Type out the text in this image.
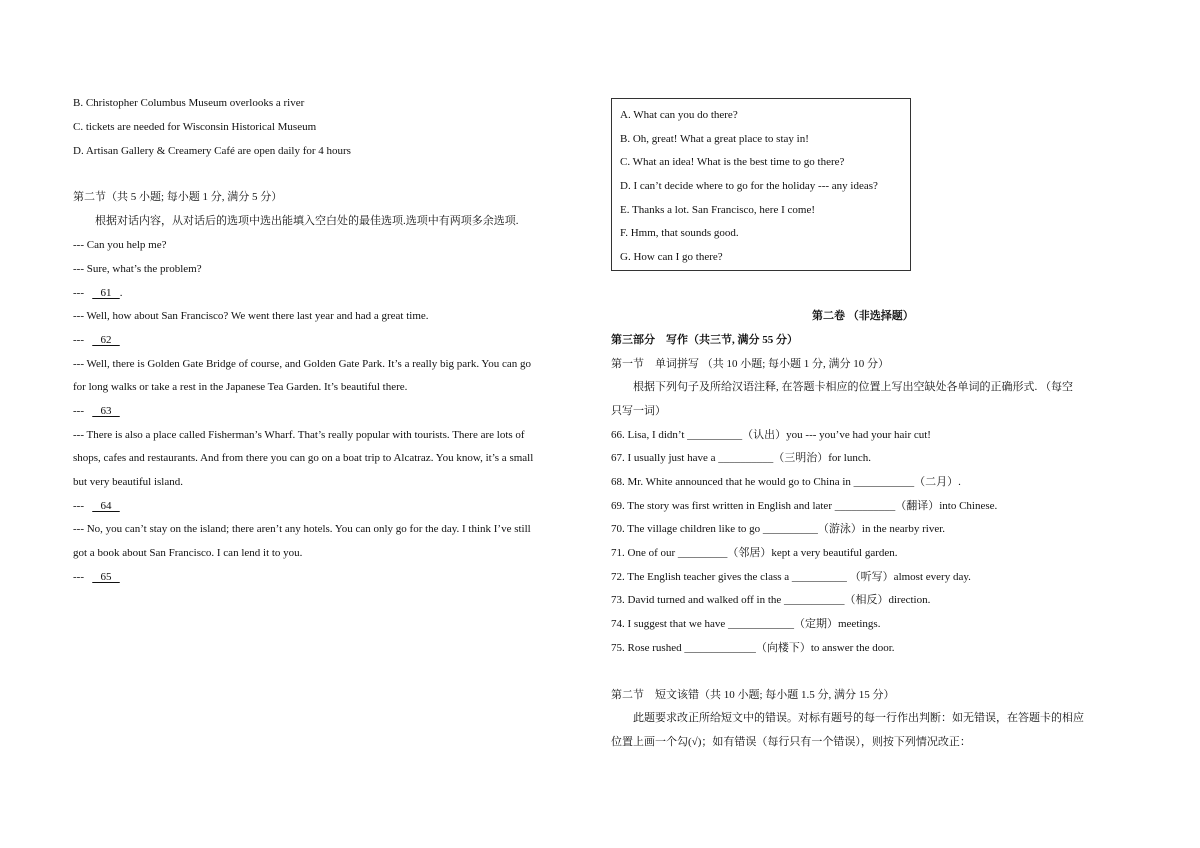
B. Christopher Columbus Museum overlooks a river
C. tickets are needed for Wisconsin Historical Museum
D. Artisan Gallery & Creamery Café are open daily for 4 hours
第二节（共 5 小题; 每小题 1 分, 满分 5 分）
根据对话内容，从对话后的选项中选出能填入空白处的最佳选项.选项中有两项多余选项.
--- Can you help me?
--- Sure, what’s the problem?
--- 61 .
--- Well, how about San Francisco? We went there last year and had a great time.
--- 62
--- Well, there is Golden Gate Bridge of course, and Golden Gate Park. It’s a really big park. You can go
for long walks or take a rest in the Japanese Tea Garden. It’s beautiful there.
--- 63
--- There is also a place called Fisherman’s Wharf. That’s really popular with tourists. There are lots of
shops, cafes and restaurants. And from there you can go on a boat trip to Alcatraz. You know, it’s a small
but very beautiful island.
--- 64
--- No, you can’t stay on the island; there aren’t any hotels. You can only go for the day. I think I’ve still
got a book about San Francisco. I can lend it to you.
--- 65
A. What can you do there?
B. Oh, great! What a great place to stay in!
C. What an idea! What is the best time to go there?
D. I can’t decide where to go for the holiday --- any ideas?
E. Thanks a lot. San Francisco, here I come!
F. Hmm, that sounds good.
G. How can I go there?
第二卷 （非选择题）
第三部分　写作（共三节, 满分 55 分）
第一节　单词拼写 （共 10 小题; 每小题 1 分, 满分 10 分）
根据下列句子及所给汉语注释, 在答题卡相应的位置上写出空缺处各单词的正确形式. （每空
只写一词）
66. Lisa, I didn’t __________（认出）you --- you’ve had your hair cut!
67. I usually just have a __________（三明治）for lunch.
68. Mr. White announced that he would go to China in ___________（二月）.
69. The story was first written in English and later ___________（翻译）into Chinese.
70. The village children like to go __________（游泳）in the nearby river.
71. One of our _________（邻居）kept a very beautiful garden.
72. The English teacher gives the class a __________ （听写）almost every day.
73. David turned and walked off in the ___________（相反）direction.
74. I suggest that we have ____________（定期）meetings.
75. Rose rushed _____________（向楼下）to answer the door.
第二节　短文该错（共 10 小题; 每小题 1.5 分, 满分 15 分）
此题要求改正所给短文中的错误。对标有题号的每一行作出判断：如无错误，在答题卡的相应
位置上画一个勾(√)；如有错误（每行只有一个错误），则按下列情况改正：
